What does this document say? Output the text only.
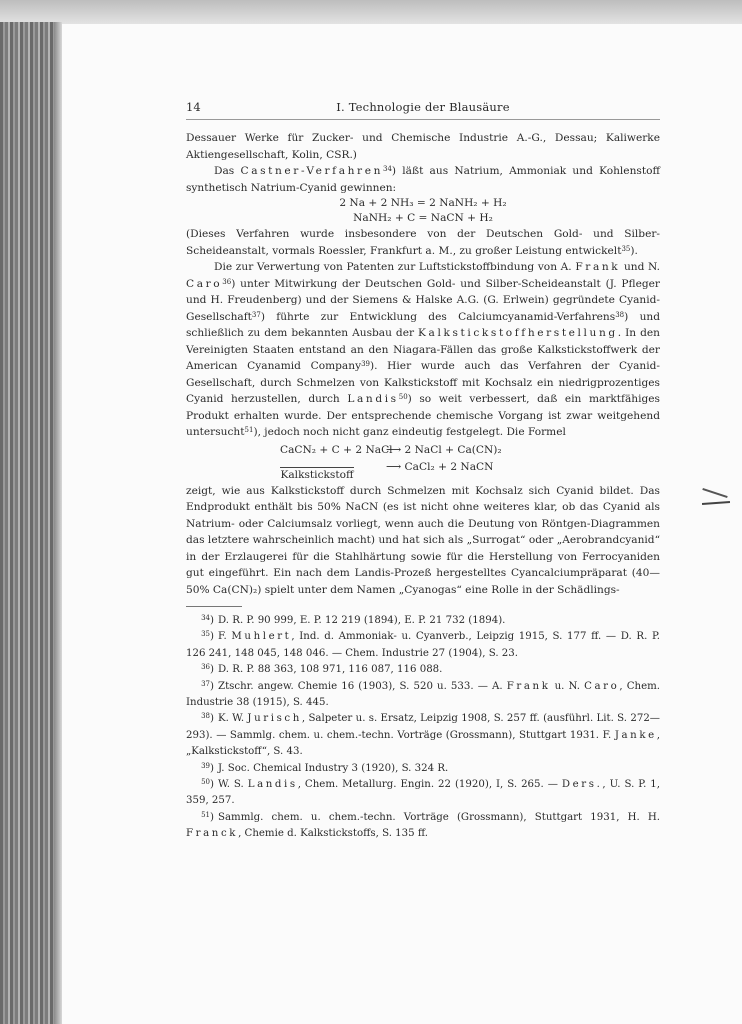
14	I. Technologie der Blausäure

Dessauer Werke für Zucker- und Chemische Industrie A.-G., Dessau; Kaliwerke Aktiengesellschaft, Kolin, CSR.)

Das Castner-Verfahren$^{34}$) läßt aus Natrium, Ammoniak und Kohlenstoff synthetisch Natrium-Cyanid gewinnen:

2 Na + 2 NH₃ = 2 NaNH₂ + H₂
NaNH₂ + C = NaCN + H₂

(Dieses Verfahren wurde insbesondere von der Deutschen Gold- und Silber-Scheideanstalt, vormals Roessler, Frankfurt a. M., zu großer Leistung entwickelt$^{35}$).

Die zur Verwertung von Patenten zur Luftstickstoffbindung von A. Frank und N. Caro$^{36}$) unter Mitwirkung der Deutschen Gold- und Silber-Scheideanstalt (J. Pfleger und H. Freudenberg) und der Siemens & Halske A.G. (G. Erlwein) gegründete Cyanid-Gesellschaft$^{37}$) führte zur Entwicklung des Calciumcyanamid-Verfahrens$^{38}$) und schließlich zu dem bekannten Ausbau der Kalkstickstoffherstellung. In den Vereinigten Staaten entstand an den Niagara-Fällen das große Kalkstickstoffwerk der American Cyanamid Company$^{39}$). Hier wurde auch das Verfahren der Cyanid-Gesellschaft, durch Schmelzen von Kalkstickstoff mit Kochsalz ein niedrigprozentiges Cyanid herzustellen, durch Landis$^{50}$) so weit verbessert, daß ein marktfähiges Produkt erhalten wurde. Der entsprechende chemische Vorgang ist zwar weitgehend untersucht$^{51}$), jedoch noch nicht ganz eindeutig festgelegt. Die Formel

CaCN₂ + C + 2 NaCl
⟶ 2 NaCl + Ca(CN)₂
⟶ CaCl₂ + 2 NaCN
Kalkstickstoff

zeigt, wie aus Kalkstickstoff durch Schmelzen mit Kochsalz sich Cyanid bildet. Das Endprodukt enthält bis 50% NaCN (es ist nicht ohne weiteres klar, ob das Cyanid als Natrium- oder Calciumsalz vorliegt, wenn auch die Deutung von Röntgen-Diagrammen das letztere wahrscheinlich macht) und hat sich als „Surrogat“ oder „Aerobrandcyanid“ in der Erzlaugerei für die Stahlhärtung sowie für die Herstellung von Ferrocyaniden gut eingeführt. Ein nach dem Landis-Prozeß hergestelltes Cyancalciumpräparat (40—50% Ca(CN)₂) spielt unter dem Namen „Cyanogas“ eine Rolle in der Schädlings-

$^{34}$) D. R. P. 90 999, E. P. 12 219 (1894), E. P. 21 732 (1894).
$^{35}$) F. Muhlert, Ind. d. Ammoniak- u. Cyanverb., Leipzig 1915, S. 177 ff. — D. R. P. 126 241, 148 045, 148 046. — Chem. Industrie 27 (1904), S. 23.
$^{36}$) D. R. P. 88 363, 108 971, 116 087, 116 088.
$^{37}$) Ztschr. angew. Chemie 16 (1903), S. 520 u. 533. — A. Frank u. N. Caro, Chem. Industrie 38 (1915), S. 445.
$^{38}$) K. W. Jurisch, Salpeter u. s. Ersatz, Leipzig 1908, S. 257 ff. (ausführl. Lit. S. 272—293). — Sammlg. chem. u. chem.-techn. Vorträge (Grossmann), Stuttgart 1931. F. Janke, „Kalkstickstoff“, S. 43.
$^{39}$) J. Soc. Chemical Industry 3 (1920), S. 324 R.
$^{50}$) W. S. Landis, Chem. Metallurg. Engin. 22 (1920), I, S. 265. — Ders., U. S. P. 1, 359, 257.
$^{51}$) Sammlg. chem. u. chem.-techn. Vorträge (Grossmann), Stuttgart 1931, H. H. Franck, Chemie d. Kalkstickstoffs, S. 135 ff.
